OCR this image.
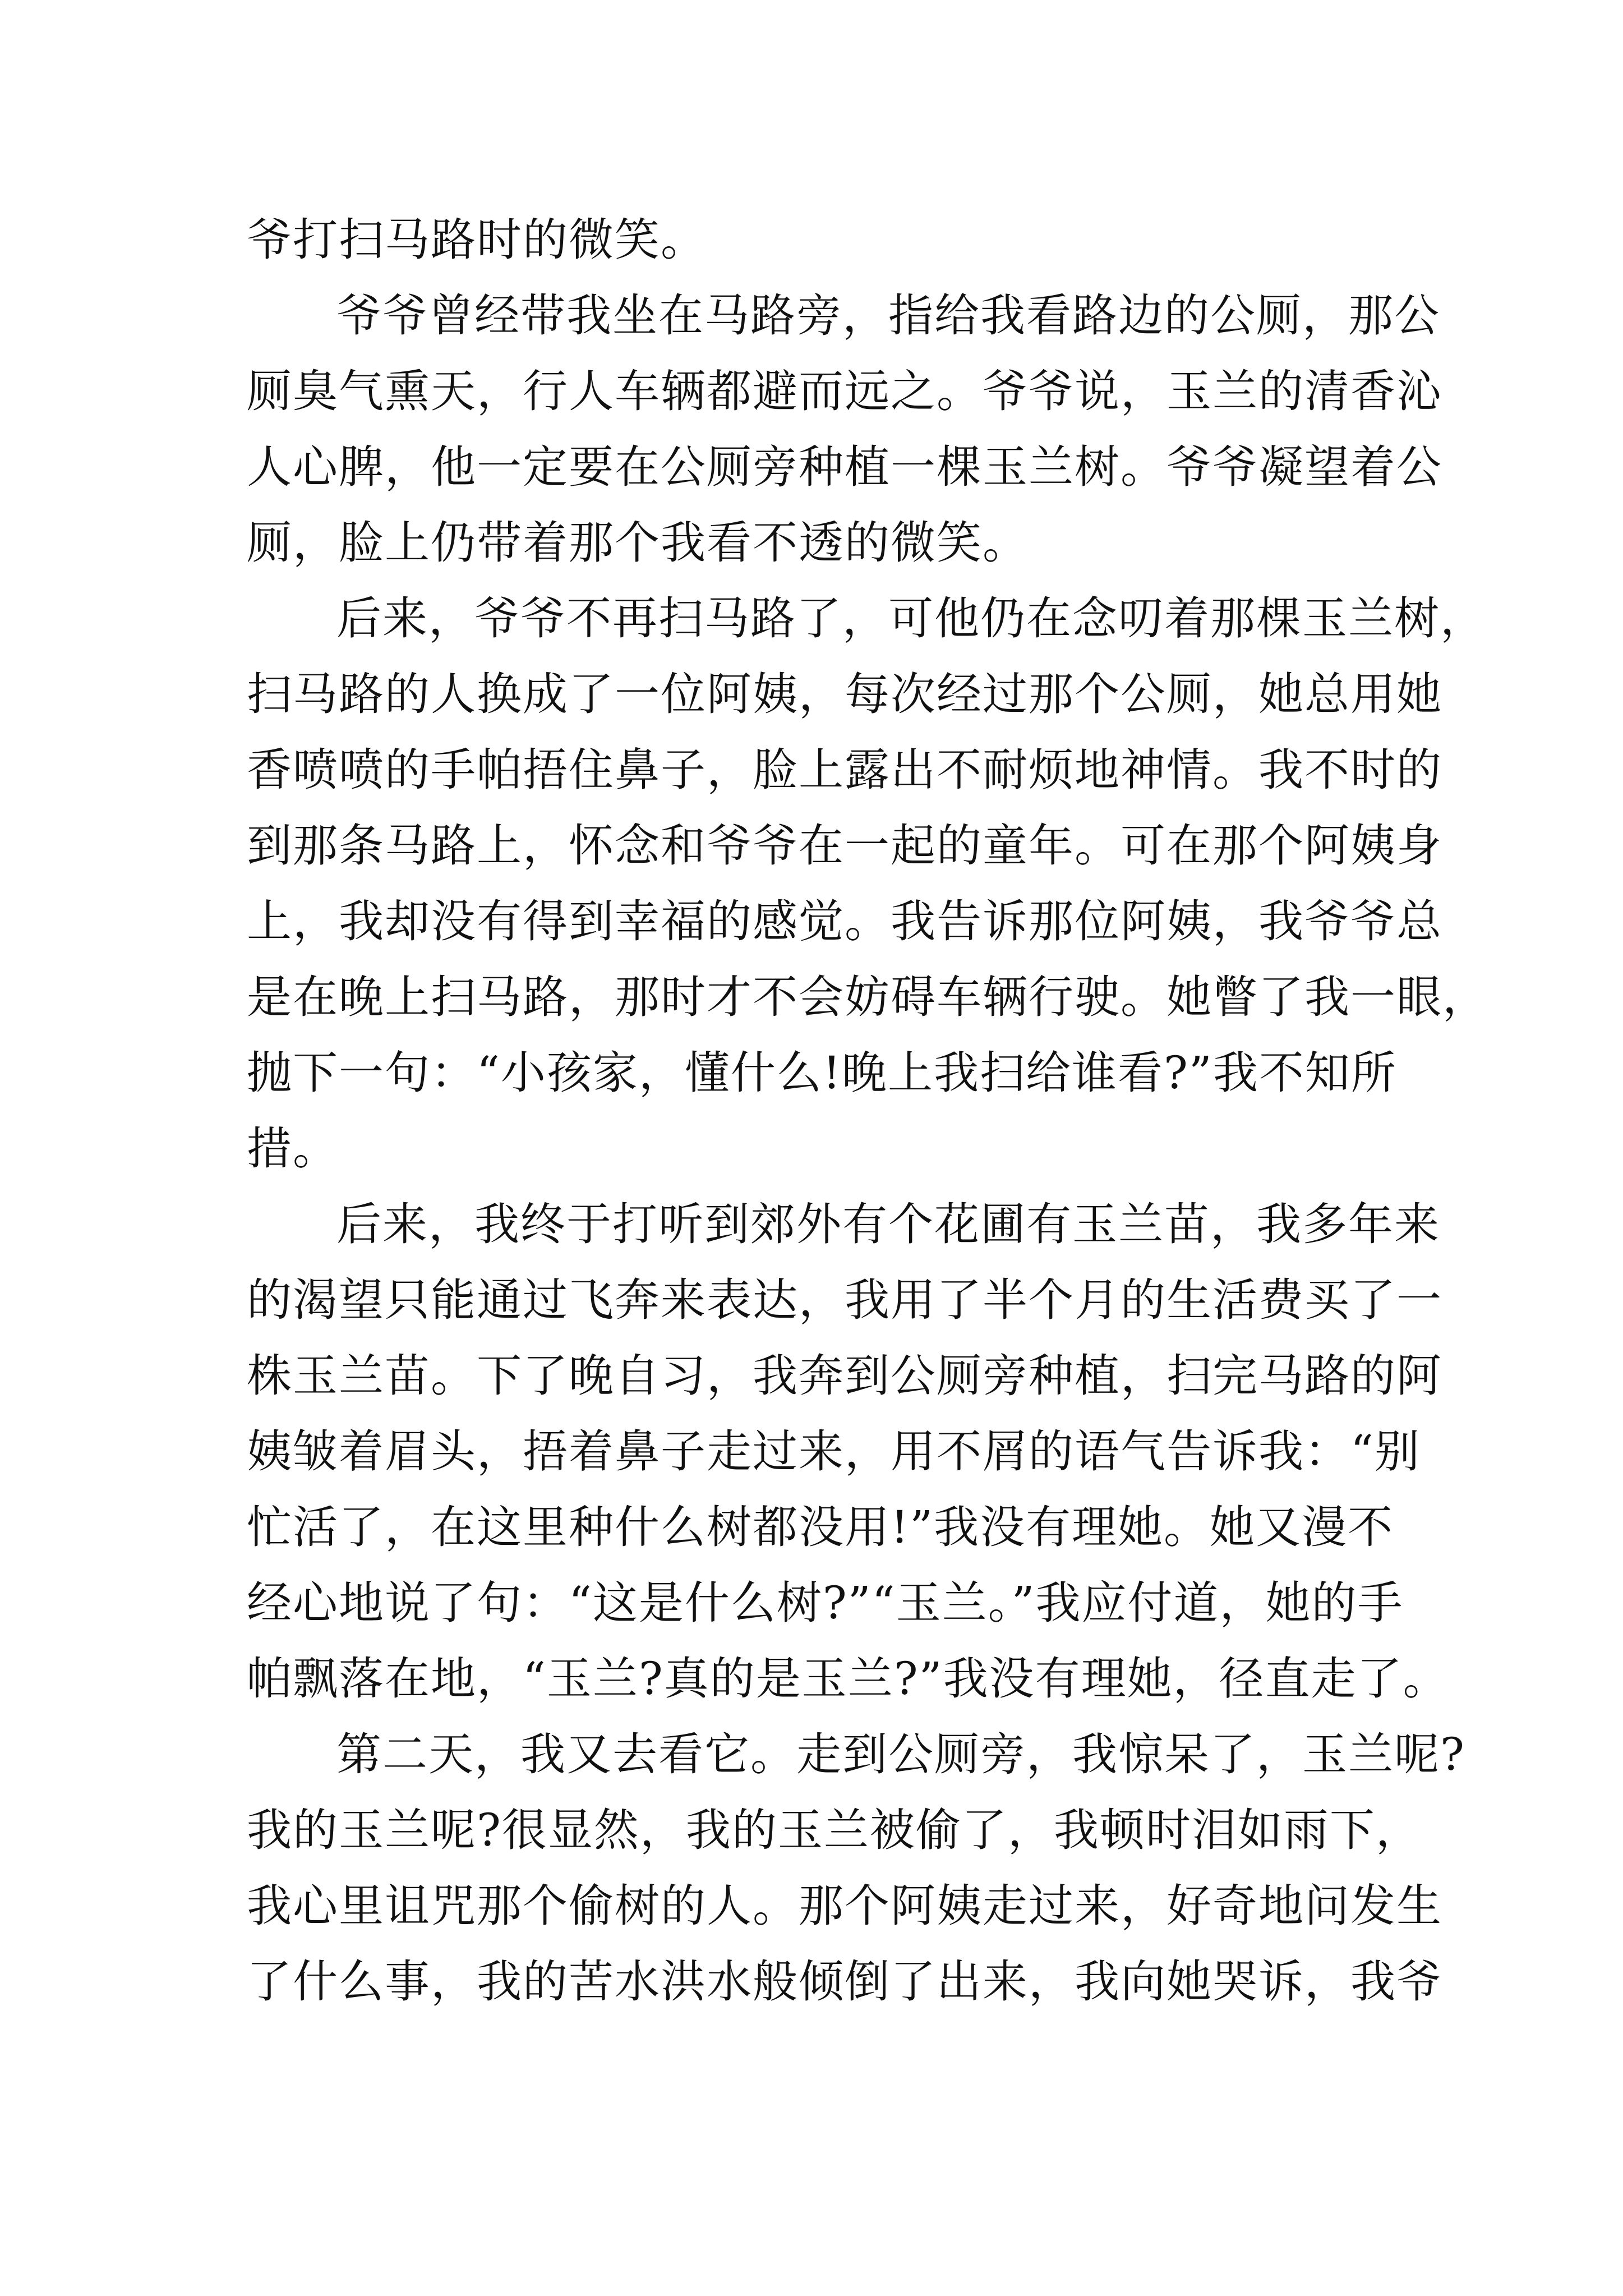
爷打扫马路时的微笑。
爷爷曾经带我坐在马路旁，指给我看路边的公厕，那公
厕臭气熏天，行人车辆都避而远之。爷爷说，玉兰的清香沁
人心脾，他一定要在公厕旁种植一棵玉兰树。爷爷凝望着公
厕，脸上仍带着那个我看不透的微笑。
后来，爷爷不再扫马路了，可他仍在念叨着那棵玉兰树，
扫马路的人换成了一位阿姨，每次经过那个公厕，她总用她
香喷喷的手帕捂住鼻子，脸上露出不耐烦地神情。我不时的
到那条马路上，怀念和爷爷在一起的童年。可在那个阿姨身
上，我却没有得到幸福的感觉。我告诉那位阿姨，我爷爷总
是在晚上扫马路，那时才不会妨碍车辆行驶。她瞥了我一眼，
抛下一句：“小孩家，懂什么!晚上我扫给谁看?”我不知所
措。
后来，我终于打听到郊外有个花圃有玉兰苗，我多年来
的渴望只能通过飞奔来表达，我用了半个月的生活费买了一
株玉兰苗。下了晚自习，我奔到公厕旁种植，扫完马路的阿
姨皱着眉头，捂着鼻子走过来，用不屑的语气告诉我：“别
忙活了，在这里种什么树都没用!”我没有理她。她又漫不
经心地说了句：“这是什么树?”“玉兰。”我应付道，她的手
帕飘落在地，“玉兰?真的是玉兰?”我没有理她，径直走了。
第二天，我又去看它。走到公厕旁，我惊呆了，玉兰呢?
我的玉兰呢?很显然，我的玉兰被偷了，我顿时泪如雨下，
我心里诅咒那个偷树的人。那个阿姨走过来，好奇地问发生
了什么事，我的苦水洪水般倾倒了出来，我向她哭诉，我爷
